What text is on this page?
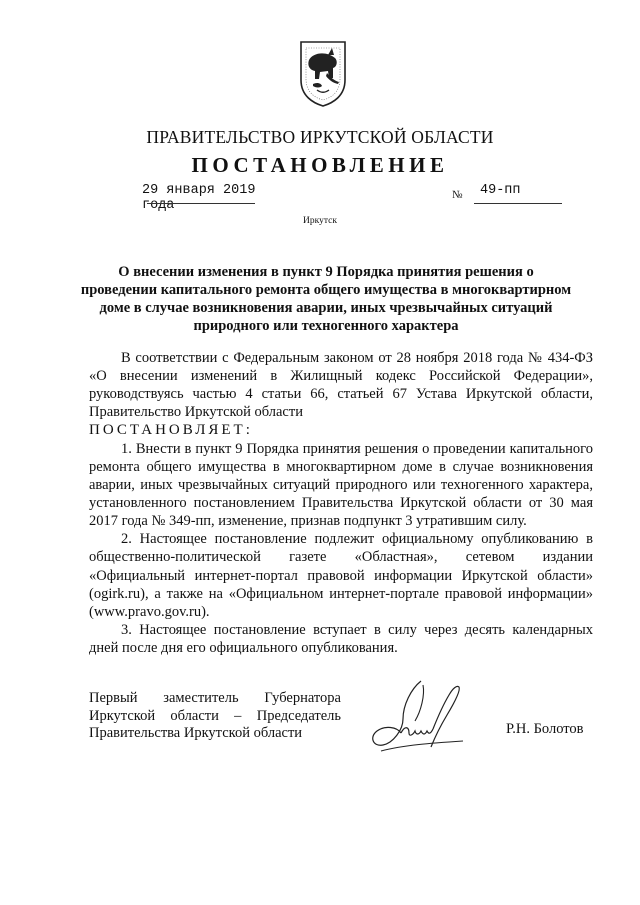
ПРАВИТЕЛЬСТВО ИРКУТСКОЙ ОБЛАСТИ
ПОСТАНОВЛЕНИЕ
29 января 2019 года
№ 49-пп
Иркутск
О внесении изменения в пункт 9 Порядка принятия решения о проведении капитального ремонта общего имущества в многоквартирном доме в случае возникновения аварии, иных чрезвычайных ситуаций природного или техногенного характера

В соответствии с Федеральным законом от 28 ноября 2018 года № 434-ФЗ «О внесении изменений в Жилищный кодекс Российской Федерации», руководствуясь частью 4 статьи 66, статьей 67 Устава Иркутской области, Правительство Иркутской области

ПОСТАНОВЛЯЕТ:

1. Внести в пункт 9 Порядка принятия решения о проведении капитального ремонта общего имущества в многоквартирном доме в случае возникновения аварии, иных чрезвычайных ситуаций природного или техногенного характера, установленного постановлением Правительства Иркутской области от 30 мая 2017 года № 349-пп, изменение, признав подпункт 3 утратившим силу.

2. Настоящее постановление подлежит официальному опубликованию в общественно-политической газете «Областная», сетевом издании «Официальный интернет-портал правовой информации Иркутской области» (ogirk.ru), а также на «Официальном интернет-портале правовой информации» (www.pravo.gov.ru).

3. Настоящее постановление вступает в силу через десять календарных дней после дня его официального опубликования.

Первый заместитель Губернатора
Иркутской области – Председатель
Правительства Иркутской области	Р.Н. Болотов
